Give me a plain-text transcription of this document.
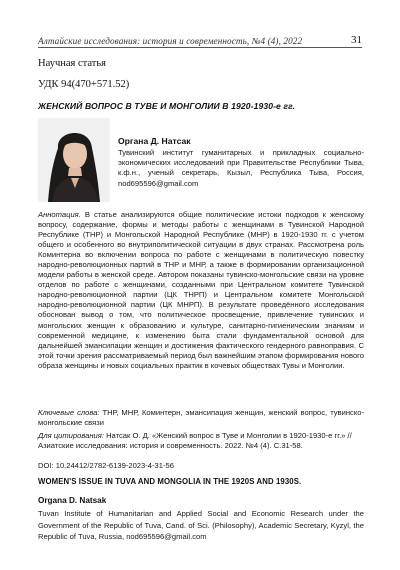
Алтайские исследования: история и современность, №4 (4), 2022	31
Научная статья
УДК 94(470+571.52)
ЖЕНСКИЙ ВОПРОС В ТУВЕ И МОНГОЛИИ В 1920-1930-е гг.
Органа Д. Натсак
Тувинский институт гуманитарных и прикладных социально-экономических исследований при Правительстве Республики Тыва, к.ф.н., ученый секретарь, Кызыл, Республика Тыва, Россия, nod695596@gmail.com

Аннотация. В статье анализируются общие политические истоки подходов к женскому вопросу, содержание, формы и методы работы с женщинами в Тувинской Народной Республике (ТНР) и Монгольской Народной Республике (МНР) в 1920-1930 гг. с учетом общего и особенного во внутриполитической ситуации в двух странах. Рассмотрена роль Коминтерна во включении вопроса по работе с женщинами в политическую повестку народно-революционных партий в ТНР и МНР, а также в формировании организационной модели работы в женской среде. Автором показаны тувинско-монгольские связи на уровне отделов по работе с женщинами, созданными при Центральном комитете Тувинской народно-революционной партии (ЦК ТНРП) и Центральном комитете Монгольской народно-революционной партии (ЦК МНРП). В результате проведённого исследования обоснован вывод о том, что политическое просвещение, привлечение тувинских и монгольских женщин к образованию и культуре, санитарно-гигиеническим знаниям и современной медицине, к изменению быта стали фундаментальной основой для дальнейшей эмансипации женщин и достижения фактического гендерного равноправия. С этой точки зрения рассматриваемый период был важнейшим этапом формирования нового образа женщины и новых социальных практик в кочевых обществах Тувы и Монголии.

Ключевые слова: ТНР, МНР, Коминтерн, эмансипация женщин, женский вопрос, тувинско-монгольские связи

Для цитирования: Натсак О. Д. «Женский вопрос в Туве и Монголии в 1920-1930-е гг.» // Азиатские исследования: история и современность. 2022. №4 (4). С.31-58.

DOI: 10.24412/2782-6139-2023-4-31-56

WOMEN'S ISSUE IN TUVA AND MONGOLIA IN THE 1920S AND 1930S.
Organa D. Natsak

Tuvan Institute of Humanitarian and Applied Social and Economic Research under the Government of the Republic of Tuva, Cand. of Sci. (Philosophy), Academic Secretary, Kyzyl, the Republic of Tuva, Russia, nod695596@gmail.com
